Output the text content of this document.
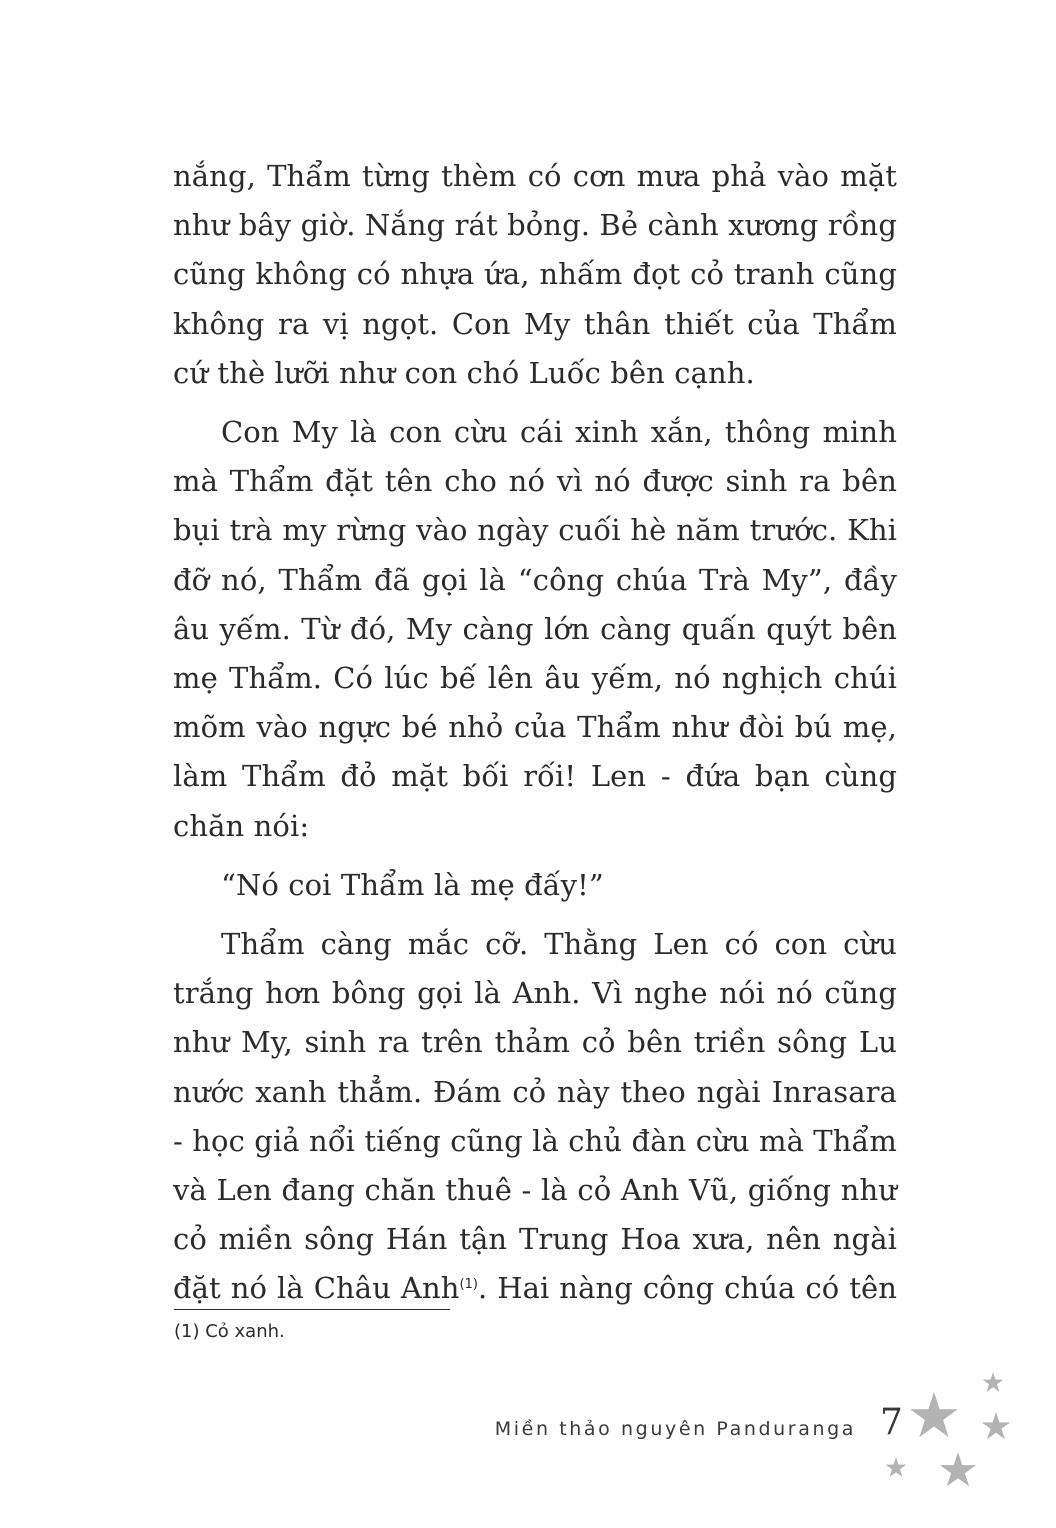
nắng, Thẩm từng thèm có cơn mưa phả vào mặt như bây giờ. Nắng rát bỏng. Bẻ cành xương rồng cũng không có nhựa ứa, nhấm đọt cỏ tranh cũng không ra vị ngọt. Con My thân thiết của Thẩm cứ thè lưỡi như con chó Luốc bên cạnh.

Con My là con cừu cái xinh xắn, thông minh mà Thẩm đặt tên cho nó vì nó được sinh ra bên bụi trà my rừng vào ngày cuối hè năm trước. Khi đỡ nó, Thẩm đã gọi là “công chúa Trà My”, đầy âu yếm. Từ đó, My càng lớn càng quấn quýt bên mẹ Thẩm. Có lúc bế lên âu yếm, nó nghịch chúi mõm vào ngực bé nhỏ của Thẩm như đòi bú mẹ, làm Thẩm đỏ mặt bối rối! Len - đứa bạn cùng chăn nói:

“Nó coi Thẩm là mẹ đấy!”

Thẩm càng mắc cỡ. Thằng Len có con cừu trắng hơn bông gọi là Anh. Vì nghe nói nó cũng như My, sinh ra trên thảm cỏ bên triền sông Lu nước xanh thẳm. Đám cỏ này theo ngài Inrasara - học giả nổi tiếng cũng là chủ đàn cừu mà Thẩm và Len đang chăn thuê - là cỏ Anh Vũ, giống như cỏ miền sông Hán tận Trung Hoa xưa, nên ngài đặt nó là Châu Anh$^{(1)}$. Hai nàng công chúa có tên

(1) Cỏ xanh.
Miền thảo nguyên Panduranga 7
